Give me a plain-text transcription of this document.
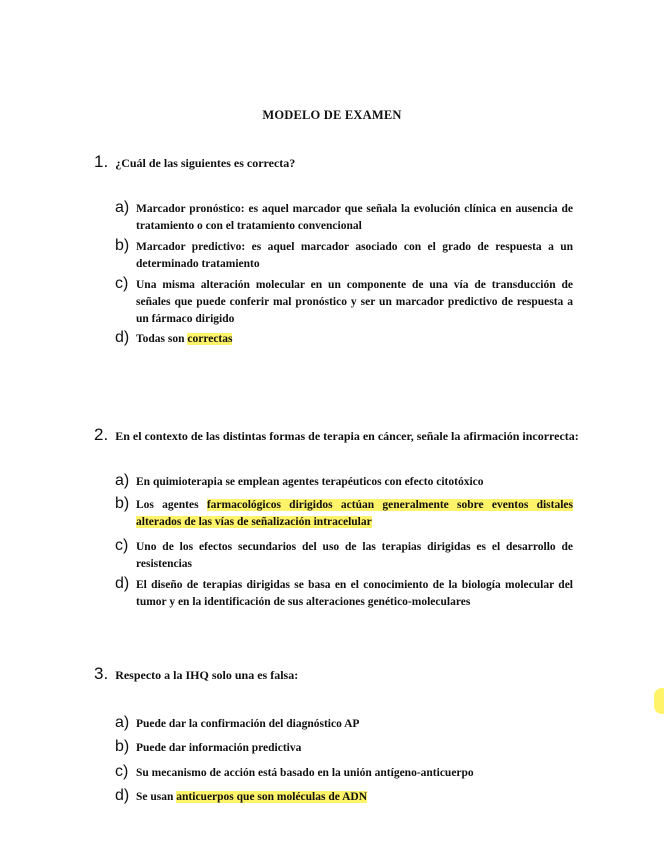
MODELO DE EXAMEN
1. ¿Cuál de las siguientes es correcta?
a) Marcador pronóstico: es aquel marcador que señala la evolución clínica en ausencia de tratamiento o con el tratamiento convencional
b) Marcador predictivo: es aquel marcador asociado con el grado de respuesta a un determinado tratamiento
c) Una misma alteración molecular en un componente de una vía de transducción de señales que puede conferir mal pronóstico y ser un marcador predictivo de respuesta a un fármaco dirigido
d) Todas son correctas
2. En el contexto de las distintas formas de terapia en cáncer, señale la afirmación incorrecta:
a) En quimioterapia se emplean agentes terapéuticos con efecto citotóxico
b) Los agentes farmacológicos dirigidos actúan generalmente sobre eventos distales alterados de las vías de señalización intracelular
c) Uno de los efectos secundarios del uso de las terapias dirigidas es el desarrollo de resistencias
d) El diseño de terapias dirigidas se basa en el conocimiento de la biología molecular del tumor y en la identificación de sus alteraciones genético-moleculares
3. Respecto a la IHQ solo una es falsa:
a) Puede dar la confirmación del diagnóstico AP
b) Puede dar información predictiva
c) Su mecanismo de acción está basado en la unión antígeno-anticuerpo
d) Se usan anticuerpos que son moléculas de ADN
